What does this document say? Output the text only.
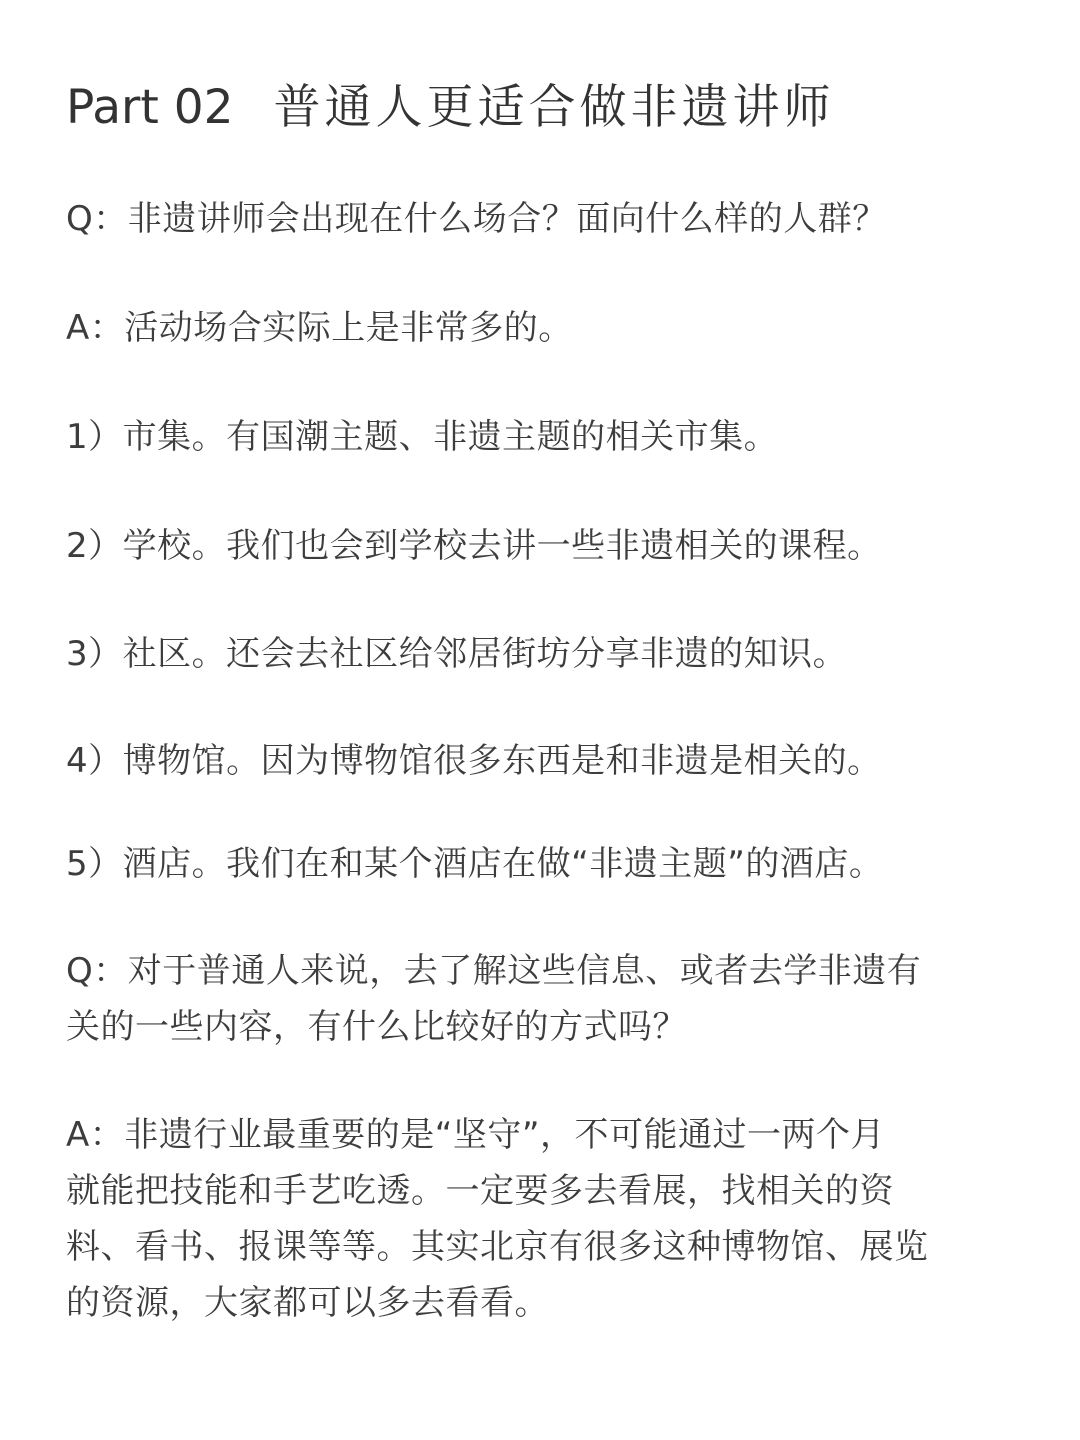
Part 02 普通人更适合做非遗讲师
Q：非遗讲师会出现在什么场合？面向什么样的人群？
A：活动场合实际上是非常多的。
1）市集。有国潮主题、非遗主题的相关市集。
2）学校。我们也会到学校去讲一些非遗相关的课程。
3）社区。还会去社区给邻居街坊分享非遗的知识。
4）博物馆。因为博物馆很多东西是和非遗是相关的。
5）酒店。我们在和某个酒店在做“非遗主题”的酒店。
Q：对于普通人来说，去了解这些信息、或者去学非遗有
关的一些内容，有什么比较好的方式吗？
A：非遗行业最重要的是“坚守”，不可能通过一两个月
就能把技能和手艺吃透。一定要多去看展，找相关的资
料、看书、报课等等。其实北京有很多这种博物馆、展览
的资源，大家都可以多去看看。
